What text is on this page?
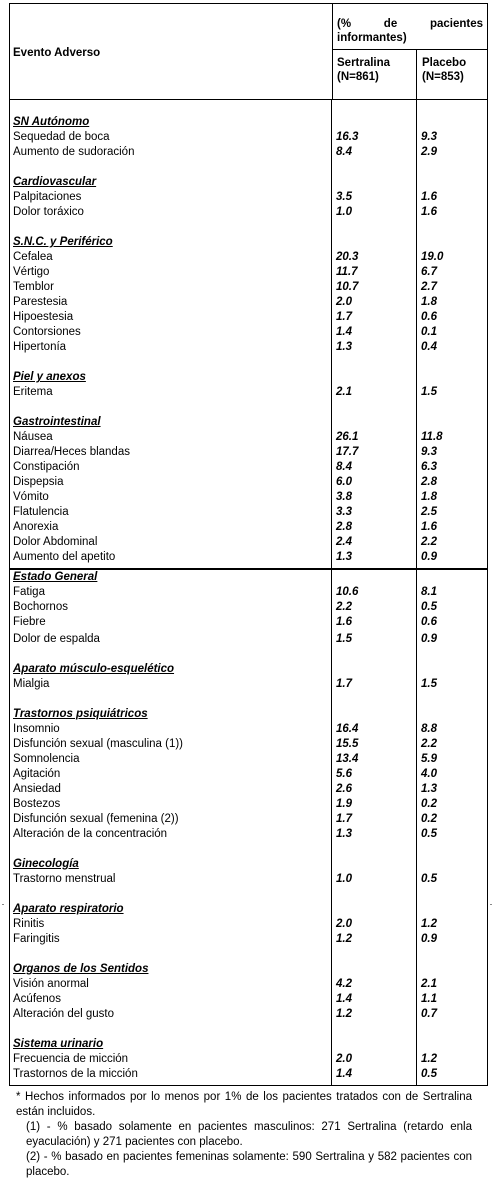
Evento Adverso
(% de pacientes informantes)
Sertralina
(N=861)
Placebo
(N=853)
SN Autónomo
Sequedad de boca	16.3	9.3
Aumento de sudoración	8.4	2.9
Cardiovascular
Palpitaciones	3.5	1.6
Dolor toráxico	1.0	1.6
S.N.C. y Periférico
Cefalea	20.3	19.0
Vértigo	11.7	6.7
Temblor	10.7	2.7
Parestesia	2.0	1.8
Hipoestesia	1.7	0.6
Contorsiones	1.4	0.1
Hipertonía	1.3	0.4
Piel y anexos
Eritema	2.1	1.5
Gastrointestinal
Náusea	26.1	11.8
Diarrea/Heces blandas	17.7	9.3
Constipación	8.4	6.3
Dispepsia	6.0	2.8
Vómito	3.8	1.8
Flatulencia	3.3	2.5
Anorexia	2.8	1.6
Dolor Abdominal	2.4	2.2
Aumento del apetito	1.3	0.9
Estado General
Fatiga	10.6	8.1
Bochornos	2.2	0.5
Fiebre	1.6	0.6
Dolor de espalda	1.5	0.9
Aparato músculo-esquelético
Mialgia	1.7	1.5
Trastornos psiquiátricos
Insomnio	16.4	8.8
Disfunción sexual (masculina (1))	15.5	2.2
Somnolencia	13.4	5.9
Agitación	5.6	4.0
Ansiedad	2.6	1.3
Bostezos	1.9	0.2
Disfunción sexual (femenina (2))	1.7	0.2
Alteración de la concentración	1.3	0.5
Ginecología
Trastorno menstrual	1.0	0.5
Aparato respiratorio
Rinitis	2.0	1.2
Faringitis	1.2	0.9
Organos de los Sentidos
Visión anormal	4.2	2.1
Acúfenos	1.4	1.1
Alteración del gusto	1.2	0.7
Sistema urinario
Frecuencia de micción	2.0	1.2
Trastornos de la micción	1.4	0.5

* Hechos informados por lo menos por 1% de los pacientes tratados con de Sertralina están incluidos.

(1) - % basado solamente en pacientes masculinos: 271 Sertralina (retardo enla eyaculación) y 271 pacientes con placebo.

(2) - % basado en pacientes femeninas solamente: 590 Sertralina y 582 pacientes con placebo.
